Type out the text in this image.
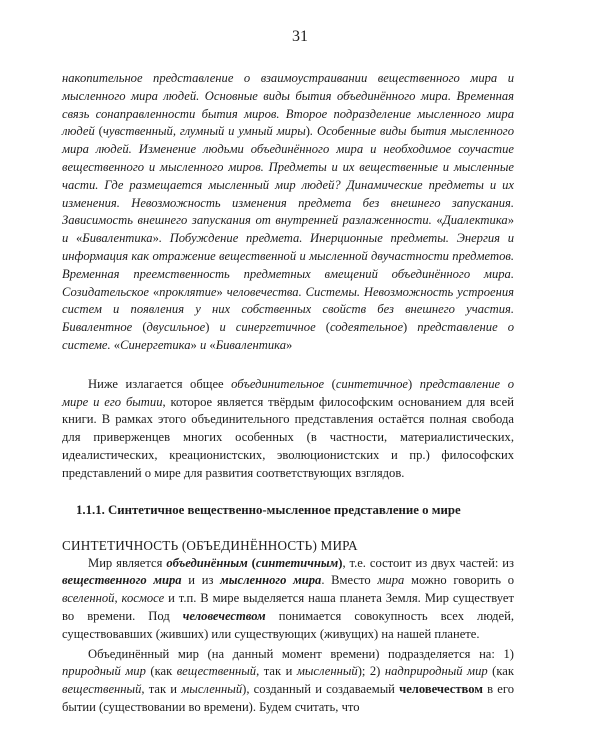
31

накопительное представление о взаимоустраивании вещественного мира и мысленного мира людей. Основные виды бытия объединённого мира. Временная связь сонаправленности бытия миров. Второе подразделение мысленного мира людей (чувственный, глумный и умный миры). Особенные виды бытия мысленного мира людей. Изменение людьми объединённого мира и необходимое соучастие вещественного и мысленного миров. Предметы и их вещественные и мысленные части. Где размещается мысленный мир людей? Динамические предметы и их изменения. Невозможность изменения предмета без внешнего запускания. Зависимость внешнего запускания от внутренней разлаженности. «Диалектика» и «Бивалентика». Побуждение предмета. Инерционные предметы. Энергия и информация как отражение вещественной и мысленной двучастности предметов. Временная преемственность предметных вмещений объединённого мира. Созидательское «проклятие» человечества. Системы. Невозможность устроения систем и появления у них собственных свойств без внешнего участия. Бивалентное (двусильное) и синергетичное (содеятельное) представление о системе. «Синергетика» и «Бивалентика»

Ниже излагается общее объединительное (синтетичное) представление о мире и его бытии, которое является твёрдым философским основанием для всей книги. В рамках этого объединительного представления остаётся полная свобода для приверженцев многих особенных (в частности, материалистических, идеалистических, креационистских, эволюционистских и пр.) философских представлений о мире для развития соответствующих взглядов.

1.1.1. Синтетичное вещественно-мысленное представление о мире

СИНТЕТИЧНОСТЬ (ОБЪЕДИНЁННОСТЬ) МИРА

Мир является объединённым (синтетичным), т.е. состоит из двух частей: из вещественного мира и из мысленного мира. Вместо мира можно говорить о вселенной, космосе и т.п. В мире выделяется наша планета Земля. Мир существует во времени. Под человечеством понимается совокупность всех людей, существовавших (живших) или существующих (живущих) на нашей планете.

Объединённый мир (на данный момент времени) подразделяется на: 1) природный мир (как вещественный, так и мысленный); 2) надприродный мир (как вещественный, так и мысленный), созданный и создаваемый человечеством в его бытии (существовании во времени). Будем считать, что
